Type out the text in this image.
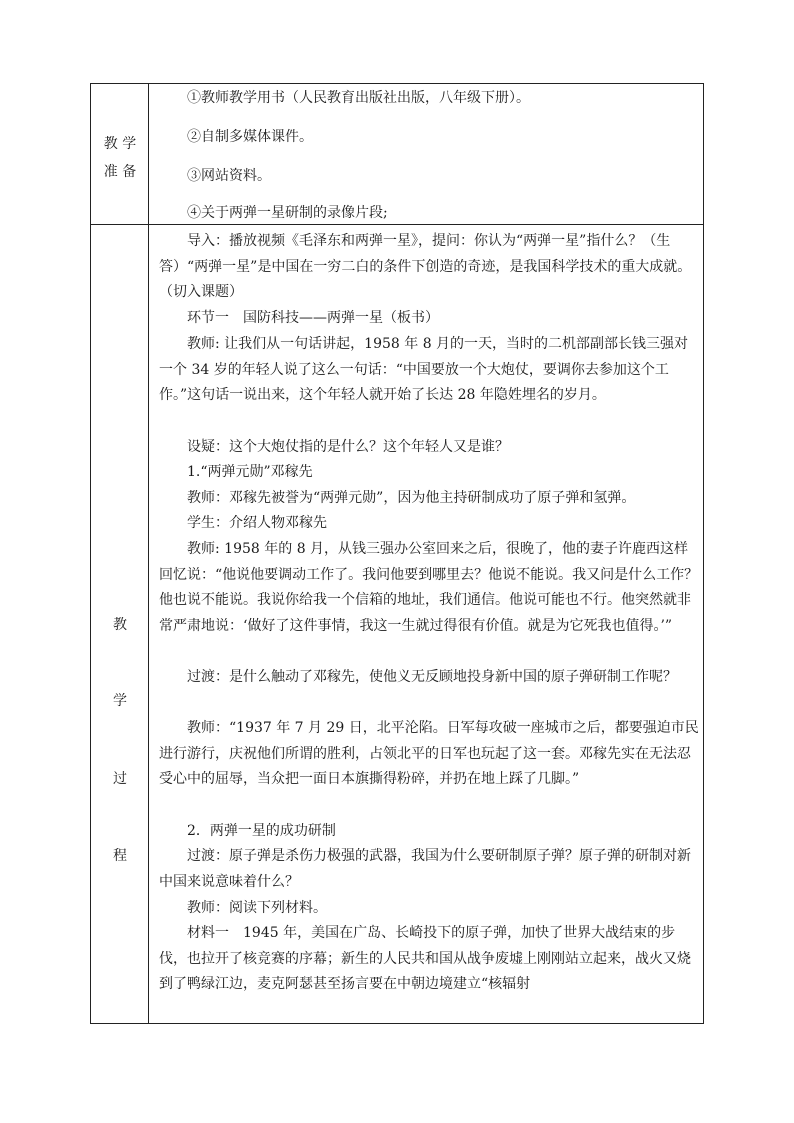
教 学
准 备
①教师教学用书（人民教育出版社出版，八年级下册）。
②自制多媒体课件。
③网站资料。
④关于两弹一星研制的录像片段;
教
学
过
程

导入：播放视频《毛泽东和两弹一星》，提问：你认为“两弹一星”指什么？（生答）“两弹一星”是中国在一穷二白的条件下创造的奇迹，是我国科学技术的重大成就。（切入课题）

环节一　国防科技——两弹一星（板书）

教师: 让我们从一句话讲起，1958 年 8 月的一天，当时的二机部副部长钱三强对一个 34 岁的年轻人说了这么一句话：“中国要放一个大炮仗，要调你去参加这个工作。”这句话一说出来，这个年轻人就开始了长达 28 年隐姓埋名的岁月。

设疑：这个大炮仗指的是什么？这个年轻人又是谁？

1.“两弹元勋”邓稼先

教师：邓稼先被誉为“两弹元勋”，因为他主持研制成功了原子弹和氢弹。

学生：介绍人物邓稼先

教师: 1958 年的 8 月，从钱三强办公室回来之后，很晚了，他的妻子许鹿西这样回忆说：“他说他要调动工作了。我问他要到哪里去？他说不能说。我又问是什么工作？他也说不能说。我说你给我一个信箱的地址，我们通信。他说可能也不行。他突然就非常严肃地说：‘做好了这件事情，我这一生就过得很有价值。就是为它死我也值得。’”

过渡：是什么触动了邓稼先，使他义无反顾地投身新中国的原子弹研制工作呢？

教师：“1937 年 7 月 29 日，北平沦陷。日军每攻破一座城市之后，都要强迫市民进行游行，庆祝他们所谓的胜利，占领北平的日军也玩起了这一套。邓稼先实在无法忍受心中的屈辱，当众把一面日本旗撕得粉碎，并扔在地上踩了几脚。”

2．两弹一星的成功研制

过渡：原子弹是杀伤力极强的武器，我国为什么要研制原子弹？原子弹的研制对新中国来说意味着什么？

教师：阅读下列材料。

材料一　1945 年，美国在广岛、长崎投下的原子弹，加快了世界大战结束的步伐，也拉开了核竞赛的序幕；新生的人民共和国从战争废墟上刚刚站立起来，战火又烧到了鸭绿江边，麦克阿瑟甚至扬言要在中朝边境建立“核辐射
